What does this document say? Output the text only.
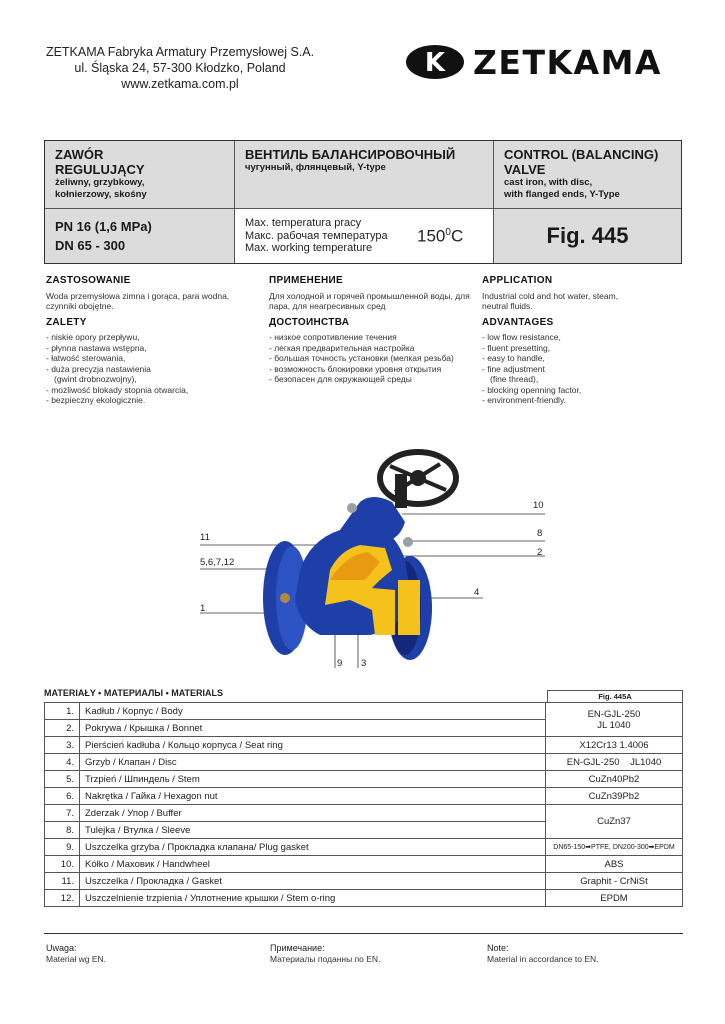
ZETKAMA Fabryka Armatury Przemysłowej S.A.
ul. Śląska 24, 57-300 Kłodzko, Poland
www.zetkama.com.pl
K ZETKAMA
ZAWÓR REGULUJĄCY
żeliwny, grzybkowy,
kołnierzowy, skośny
ВЕНТИЛЬ БАЛАНСИРОВОЧНЫЙ
чугунный, флянцевый, Y-type
CONTROL (BALANCING)
VALVE
cast iron, with disc,
with flanged ends, Y-Type
PN 16 (1,6 MPa)
DN 65 - 300
Max. temperatura pracy
Макс. рабочая температура
Max. working temperature
$150^0C$	Fig. 445
ZASTOSOWANIE

Woda przemysłowa zimna i gorąca, para wodna, czynniki obojętne.

ZALETY

- niskie opory przepływu,

- płynna nastawa wstępna,

- łatwość sterowania,

- duża precyzja nastawienia

(gwint drobnozwojny),

- możliwość blokady stopnia otwarcia,

- bezpieczny ekologicznie.

ПРИМЕНЕНИЕ

Для холодной и горячей промышленной воды, для пара, для неагресивных сред

ДОСТОИНСТВА

- низкое сопротивление течения

- легкая предварительная настройка

- большая точность установки (мелкая резьба)

- возможность блокировки уровня открытия

- безопасен для окружающей среды

APPLICATION

Industrial cold and hot water, steam, neutral fluids.

ADVANTAGES

- low flow resistance,

- fluent presetting,

- easy to handle,

- fine adjustment

(fine thread),

- blocking openning factor,

- environment-friendly.

10
8
2
4
11
5,6,7,12
1
9 3
MATERIAŁY • МАТЕРИАЛЫ • MATERIALS	Fig. 445A
1.	Kadłub / Корпус / Body	EN-GJL-250
JL 1040

2.	Pokrywa / Крышка / Bonnet	
3.	Pierścień kadłuba / Кольцо корпуса / Seat ring	X12Cr13 1.4006
4.	Grzyb / Клапан / Disc	EN-GJL-250    JL1040
5.	Trzpień / Шпиндель / Stem	CuZn40Pb2
6.	Nakrętka / Гайка / Hexagon nut	CuZn39Pb2
7.	Zderzak / Упор / Buffer	CuZn37
8.	Tulejka / Втулка / Sleeve	
9.	Uszczelka grzyba / Прокладка клапана/ Plug gasket	DN65-150➡PTFE, DN200-300➡EPDM
10.	Kółko / Маховик / Handwheel	ABS
11.	Uszczelka / Прокладка / Gasket	Graphit - CrNiSt
12.	Uszczelnienie trzpienia / Уплотнение крышки / Stem o-ring	EPDM
Uwaga:
Materiał wg EN.
Примечание:
Материалы поданны по EN.
Note:
Material in accordance to EN.
